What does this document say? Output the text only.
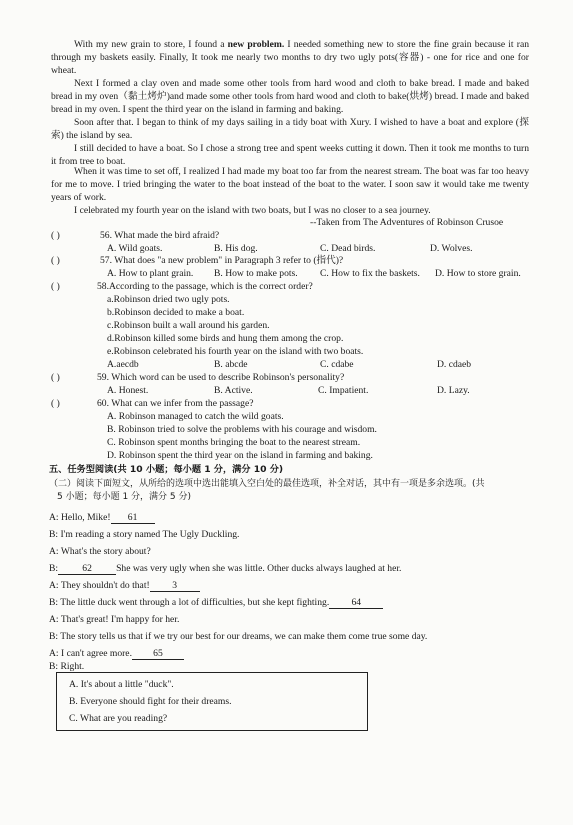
With my new grain to store, I found a new problem. I needed something new to store the fine grain because it ran through my baskets easily. Finally, It took me nearly two months to dry two ugly pots(容器) - one for rice and one for wheat.

Next I formed a clay oven and made some other tools from hard wood and cloth to bake bread. I made and baked bread in my oven（黏土烤炉)and made some other tools from hard wood and cloth to bake(烘烤) bread. I made and baked bread in my oven. I spent the third year on the island in farming and baking.

Soon after that. I began to think of my days sailing in a tidy boat with Xury. I wished to have a boat and explore (探索) the island by sea.

I still decided to have a boat. So I chose a strong tree and spent weeks cutting it down. Then it took me months to turn it from tree to boat.

When it was time to set off, I realized I had made my boat too far from the nearest stream. The boat was far too heavy for me to move. I tried bringing the water to the boat instead of the boat to the water. I soon saw it would take me twenty years of work.

I celebrated my fourth year on the island with two boats, but I was no closer to a sea journey.

--Taken from The Adventures of Robinson Crusoe

( )	56. What made the bird afraid?

A. Wild goats.	B. His dog.	C. Dead birds.	D. Wolves.

( )	57. What does "a new problem" in Paragraph 3 refer to (指代)?

A. How to plant grain. B. How to make pots. C. How to fix the baskets. D. How to store grain.

( )	58.According to the passage, which is the correct order?

a.Robinson dried two ugly pots.

b.Robinson decided to make a boat.

c.Robinson built a wall around his garden.

d.Robinson killed some birds and hung them among the crop.

e.Robinson celebrated his fourth year on the island with two boats.

A.aecdb	B. abcde	C. cdabe	D. cdaeb

( )	59. Which word can be used to describe Robinson's personality?

A. Honest.	B. Active.	C. Impatient.	D. Lazy.

( )	60. What can we infer from the passage?

A. Robinson managed to catch the wild goats.

B. Robinson tried to solve the problems with his courage and wisdom.

C. Robinson spent months bringing the boat to the nearest stream.

D. Robinson spent the third year on the island in farming and baking.

五、任务型阅读(共 10 小题；每小题 1 分，满分 10 分)

（二）阅读下面短文，从所给的选项中选出能填入空白处的最佳选项，补全对话，其中有一项是多余选项。(共
5 小题；每小题 1 分，满分 5 分)

A: Hello, Mike! 61

B: I'm reading a story named The Ugly Duckling.

A: What's the story about?

B:	62	She was very ugly when she was little. Other ducks always laughed at her.

A: They shouldn't do that! 3

B: The little duck went through a lot of difficulties, but she kept fighting. 64

A: That's great! I'm happy for her.

B: The story tells us that if we try our best for our dreams, we can make them come true some day.

A: I can't agree more. 65

B: Right.

A. It's about a little "duck".

B. Everyone should fight for their dreams.

C. What are you reading?
